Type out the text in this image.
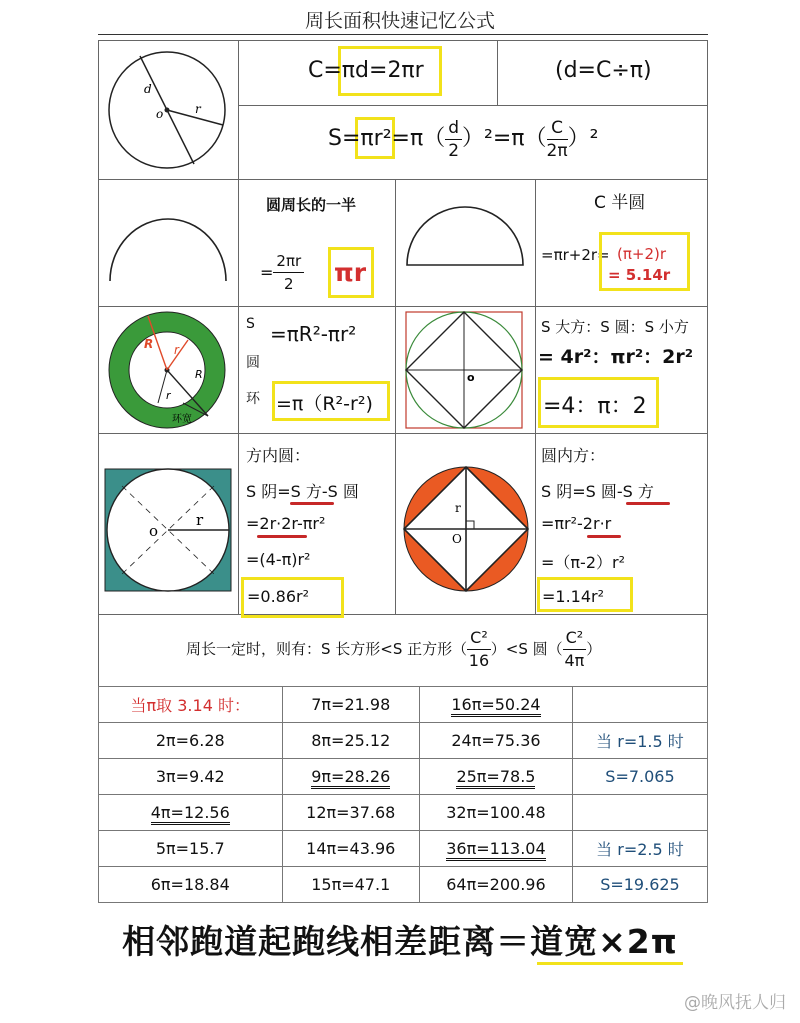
周长面积快速记忆公式
d
o	r
C=πd=2πr	(d=C÷π)
$S=\pi r^2=\pi( \frac{d}{2} )^2=\pi( \frac{C}{2\pi} )^2$
圆周长的一半
= $\frac{2\pi r}{2}$ πr
C 半圆
=πr+2r= (π+2)r
= 5.14r
R r
R
r
环宽
S
圆
环
=πR²-πr²
=π（R²-r²)
o
S 大方：S 圆：S 小方
= 4r²：πr²：2r²
=4：π：2
o
r
方内圆：
S 阴=S 方-S 圆
=2r·2r-πr²
=(4-π)r²
=0.86r²
r
O
圆内方：
S 阴=S 圆-S 方
=πr²-2r·r
=（π-2）r²
=1.14r²
周长一定时，则有：S 长方形<S 正方形（ $\frac{\text{C²}}{16} )<S$ 圆（ $\frac{\text{C²}}{4\pi}$ ）
当π取 3.14 时：	7π=21.98	16π=50.24	
2π=6.28	8π=25.12	24π=75.36	当 r=1.5 时
3π=9.42	9π=28.26	25π=78.5	S=7.065
4π=12.56	12π=37.68	32π=100.48	
5π=15.7	14π=43.96	36π=113.04	当 r=2.5 时
6π=18.84	15π=47.1	64π=200.96	S=19.625
相邻跑道起跑线相差距离＝道宽×2π
@晚风抚人归
